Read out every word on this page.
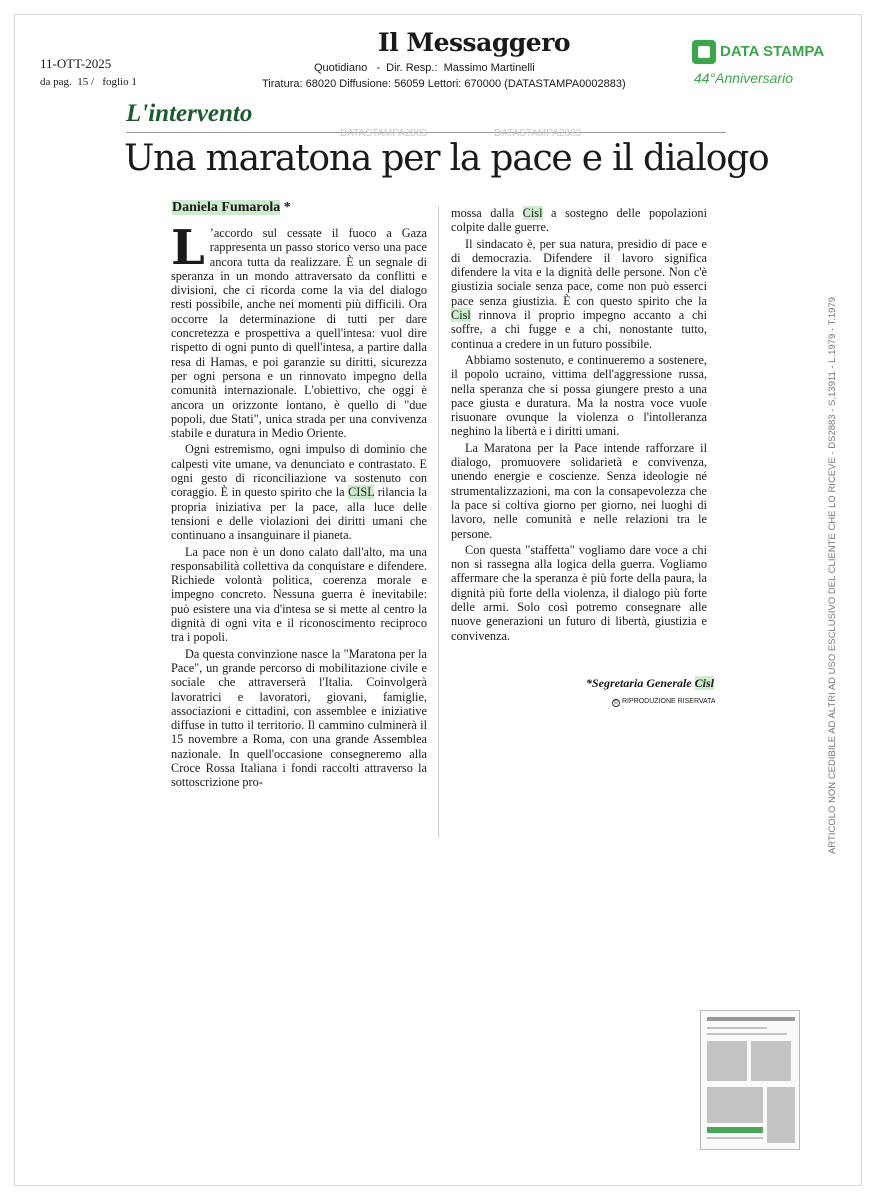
11-OTT-2025
da pag.  15 /   foglio 1
Il Messaggero
Quotidiano   -  Dir. Resp.:  Massimo Martinelli
Tiratura: 68020 Diffusione: 56059 Lettori: 670000 (DATASTAMPA0002883)
DATA STAMPA
44°Anniversario
L'intervento
DATASTAMPA2883	DATASTAMPA2883
Una maratona per la pace e il dialogo
Daniela Fumarola *

L ’accordo sul cessate il fuoco a Gaza rappresenta un passo storico verso una pace ancora tutta da realizzare. È un segnale di speranza in un mondo attraversato da conflitti e divisioni, che ci ricorda come la via del dialogo resti possibile, anche nei momenti più difficili. Ora occorre la determinazione di tutti per dare concretezza e prospettiva a quell'intesa: vuol dire rispetto di ogni punto di quell'intesa, a partire dalla resa di Hamas, e poi garanzie su diritti, sicurezza per ogni persona e un rinnovato impegno della comunità internazionale. L'obiettivo, che oggi è ancora un orizzonte lontano, è quello di "due popoli, due Stati", unica strada per una convivenza stabile e duratura in Medio Oriente.

Ogni estremismo, ogni impulso di dominio che calpesti vite umane, va denunciato e contrastato. E ogni gesto di riconciliazione va sostenuto con coraggio. È in questo spirito che la CISL rilancia la propria iniziativa per la pace, alla luce delle tensioni e delle violazioni dei diritti umani che continuano a insanguinare il pianeta.

La pace non è un dono calato dall'alto, ma una responsabilità collettiva da conquistare e difendere. Richiede volontà politica, coerenza morale e impegno concreto. Nessuna guerra è inevitabile: può esistere una via d'intesa se si mette al centro la dignità di ogni vita e il riconoscimento reciproco tra i popoli.

Da questa convinzione nasce la "Maratona per la Pace", un grande percorso di mobilitazione civile e sociale che attraverserà l'Italia. Coinvolgerà lavoratrici e lavoratori, giovani, famiglie, associazioni e cittadini, con assemblee e iniziative diffuse in tutto il territorio. Il cammino culminerà il 15 novembre a Roma, con una grande Assemblea nazionale. In quell'occasione consegneremo alla Croce Rossa Italiana i fondi raccolti attraverso la sottoscrizione pro-

mossa dalla Cisl a sostegno delle popolazioni colpite dalle guerre.

Il sindacato è, per sua natura, presidio di pace e di democrazia. Difendere il lavoro significa difendere la vita e la dignità delle persone. Non c'è giustizia sociale senza pace, come non può esserci pace senza giustizia. È con questo spirito che la Cisl rinnova il proprio impegno accanto a chi soffre, a chi fugge e a chi, nonostante tutto, continua a credere in un futuro possibile.

Abbiamo sostenuto, e continueremo a sostenere, il popolo ucraino, vittima dell'aggressione russa, nella speranza che si possa giungere presto a una pace giusta e duratura. Ma la nostra voce vuole risuonare ovunque la violenza o l'intolleranza neghino la libertà e i diritti umani.

La Maratona per la Pace intende rafforzare il dialogo, promuovere solidarietà e convivenza, unendo energie e coscienze. Senza ideologie né strumentalizzazioni, ma con la consapevolezza che la pace si coltiva giorno per giorno, nei luoghi di lavoro, nelle comunità e nelle relazioni tra le persone.

Con questa "staffetta" vogliamo dare voce a chi non si rassegna alla logica della guerra. Vogliamo affermare che la speranza è più forte della paura, la dignità più forte della violenza, il dialogo più forte delle armi. Solo così potremo consegnare alle nuove generazioni un futuro di libertà, giustizia e convivenza.

*Segretaria Generale Cisl
© RIPRODUZIONE RISERVATA	ARTICOLO NON CEDIBILE AD ALTRI AD USO ESCLUSIVO DEL CLIENTE CHE LO RICEVE - DS2883 - S.13911 - L.1979 - T.1979
